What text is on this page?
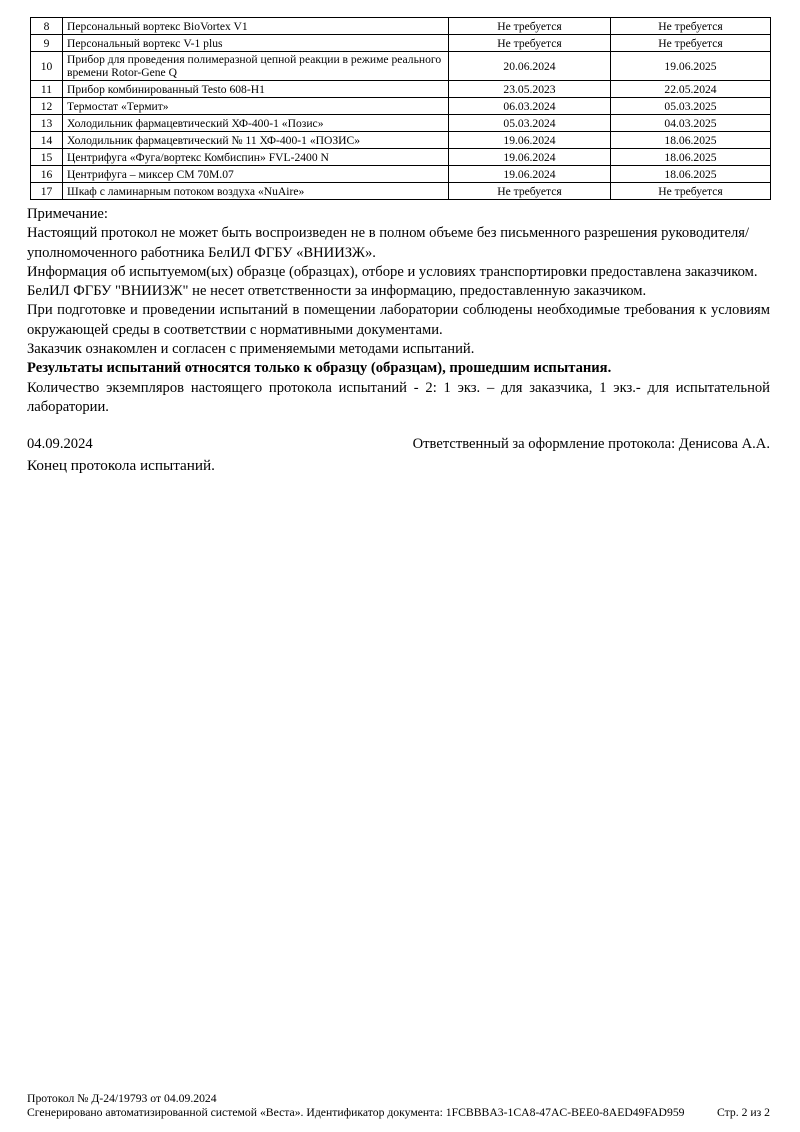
8	Персональный вортекс BioVortex V1	Не требуется	Не требуется
9	Персональный вортекс V-1 plus	Не требуется	Не требуется
10	Прибор для проведения полимеразной цепной реакции в режиме реального времени Rotor-Gene Q	20.06.2024	19.06.2025
11	Прибор комбинированный Testo 608-H1	23.05.2023	22.05.2024
12	Термостат «Термит»	06.03.2024	05.03.2025
13	Холодильник фармацевтический ХФ-400-1 «Позис»	05.03.2024	04.03.2025
14	Холодильник фармацевтический № 11 ХФ-400-1 «ПОЗИС»	19.06.2024	18.06.2025
15	Центрифуга «Фуга/вортекс Комбиспин» FVL-2400 N	19.06.2024	18.06.2025
16	Центрифуга – миксер СМ 70М.07	19.06.2024	18.06.2025
17	Шкаф с ламинарным потоком воздуха «NuAire»	Не требуется	Не требуется

Примечание:

Настоящий протокол не может быть воспроизведен не в полном объеме без письменного разрешения руководителя/уполномоченного работника БелИЛ ФГБУ «ВНИИЗЖ».

Информация об испытуемом(ых) образце (образцах), отборе и условиях транспортировки предоставлена заказчиком.

БелИЛ ФГБУ "ВНИИЗЖ" не несет ответственности за информацию, предоставленную заказчиком.

При подготовке и проведении испытаний в помещении лаборатории соблюдены необходимые требования к условиям окружающей среды в соответствии с нормативными документами.

Заказчик ознакомлен и согласен с применяемыми методами испытаний.

Результаты испытаний относятся только к образцу (образцам), прошедшим испытания.

Количество экземпляров настоящего протокола испытаний - 2: 1 экз. – для заказчика, 1 экз.- для испытательной лаборатории.

04.09.2024	Ответственный за оформление протокола: Денисова А.А.
Конец протокола испытаний.
Протокол № Д-24/19793 от 04.09.2024
Сгенерировано автоматизированной системой «Веста». Идентификатор документа: 1FCBBBA3-1CA8-47AC-BEE0-8AED49FAD959	Стр. 2 из 2
